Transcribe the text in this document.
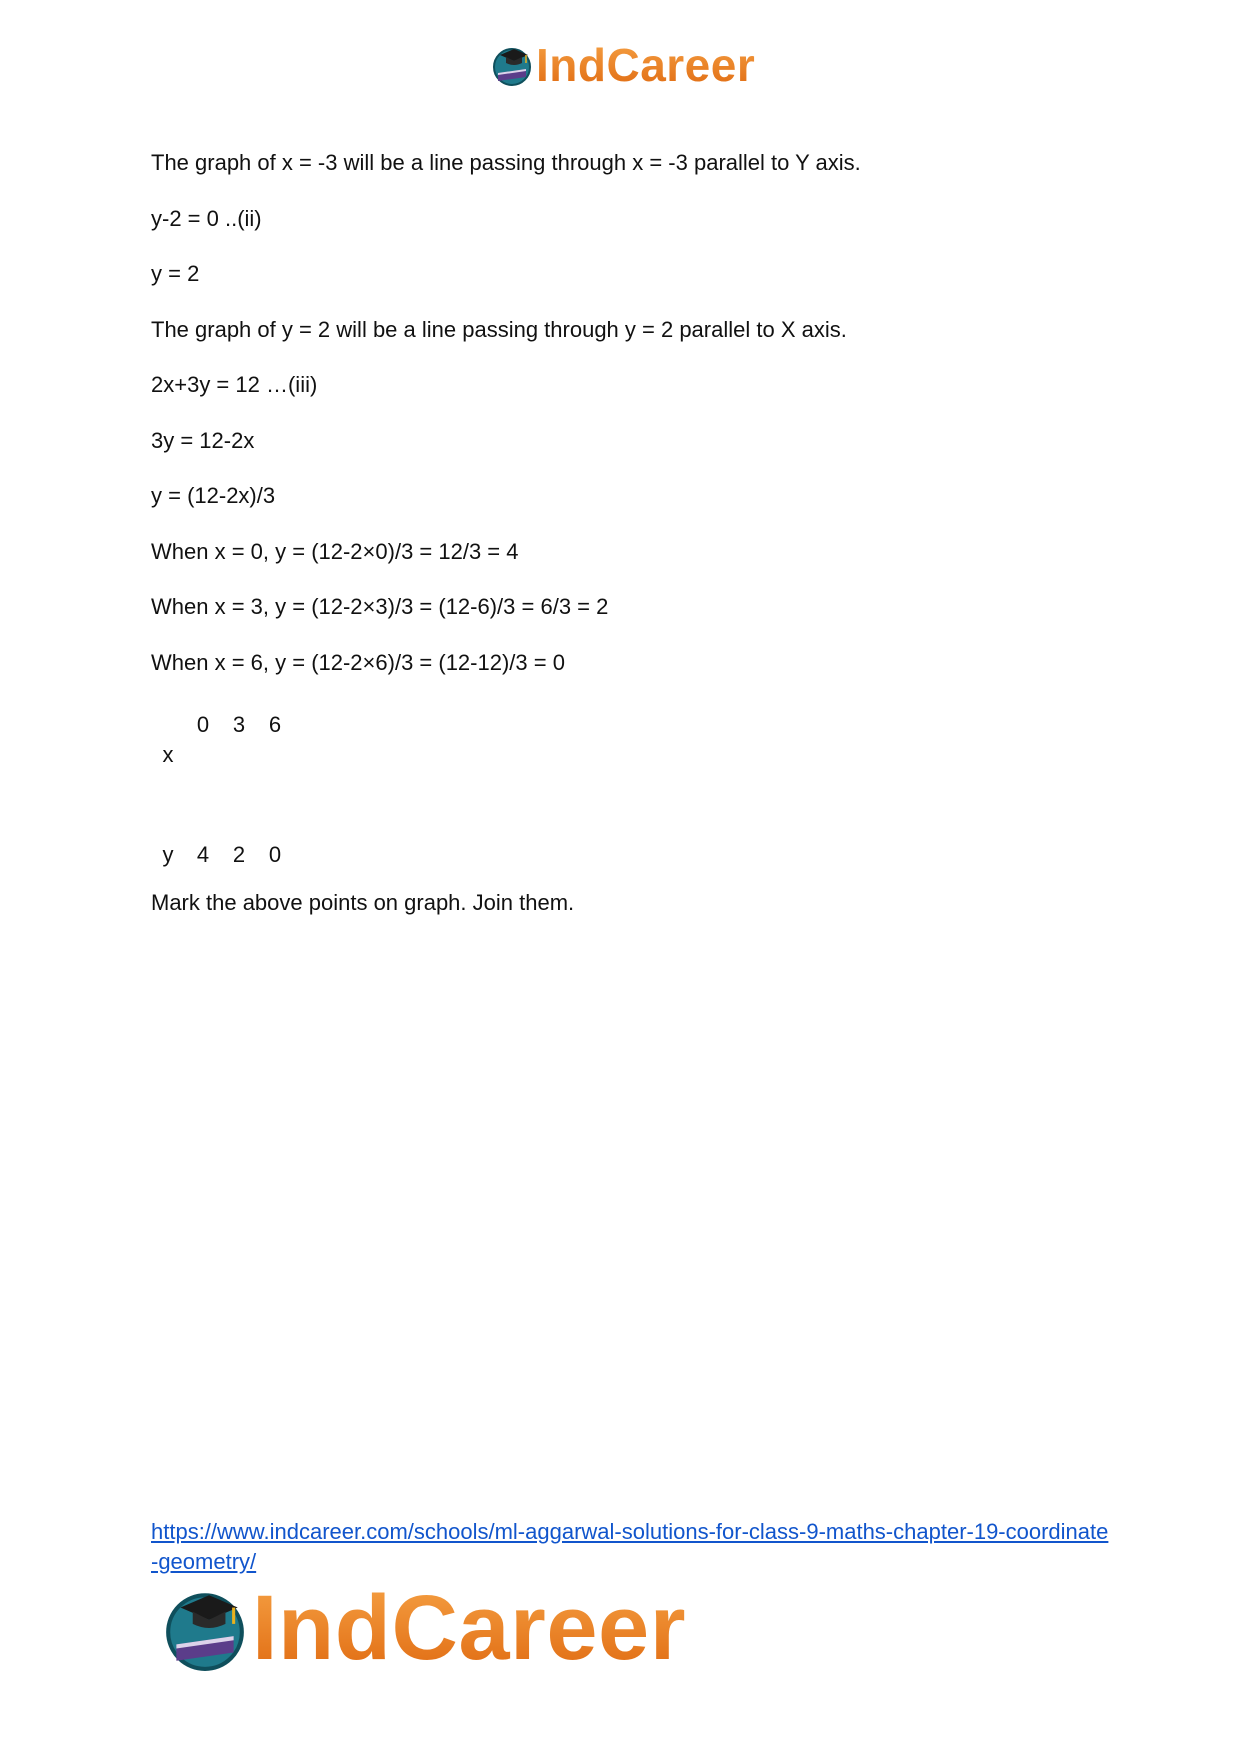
IndCareer
The graph of x = -3 will be a line passing through x = -3 parallel to Y axis.
y-2 = 0 ..(ii)
y = 2
The graph of y = 2 will be a line passing through y = 2 parallel to X axis.
2x+3y = 12 …(iii)
3y = 12-2x
y = (12-2x)/3
When x = 0, y = (12-2×0)/3 = 12/3 = 4
When x = 3, y = (12-2×3)/3 = (12-6)/3 = 6/3 = 2
When x = 6, y = (12-2×6)/3 = (12-12)/3 = 0
x	0	3	6
y	4	2	0
Mark the above points on graph. Join them.
https://www.indcareer.com/schools/ml-aggarwal-solutions-for-class-9-maths-chapter-19-coordinate-geometry/
IndCareer
